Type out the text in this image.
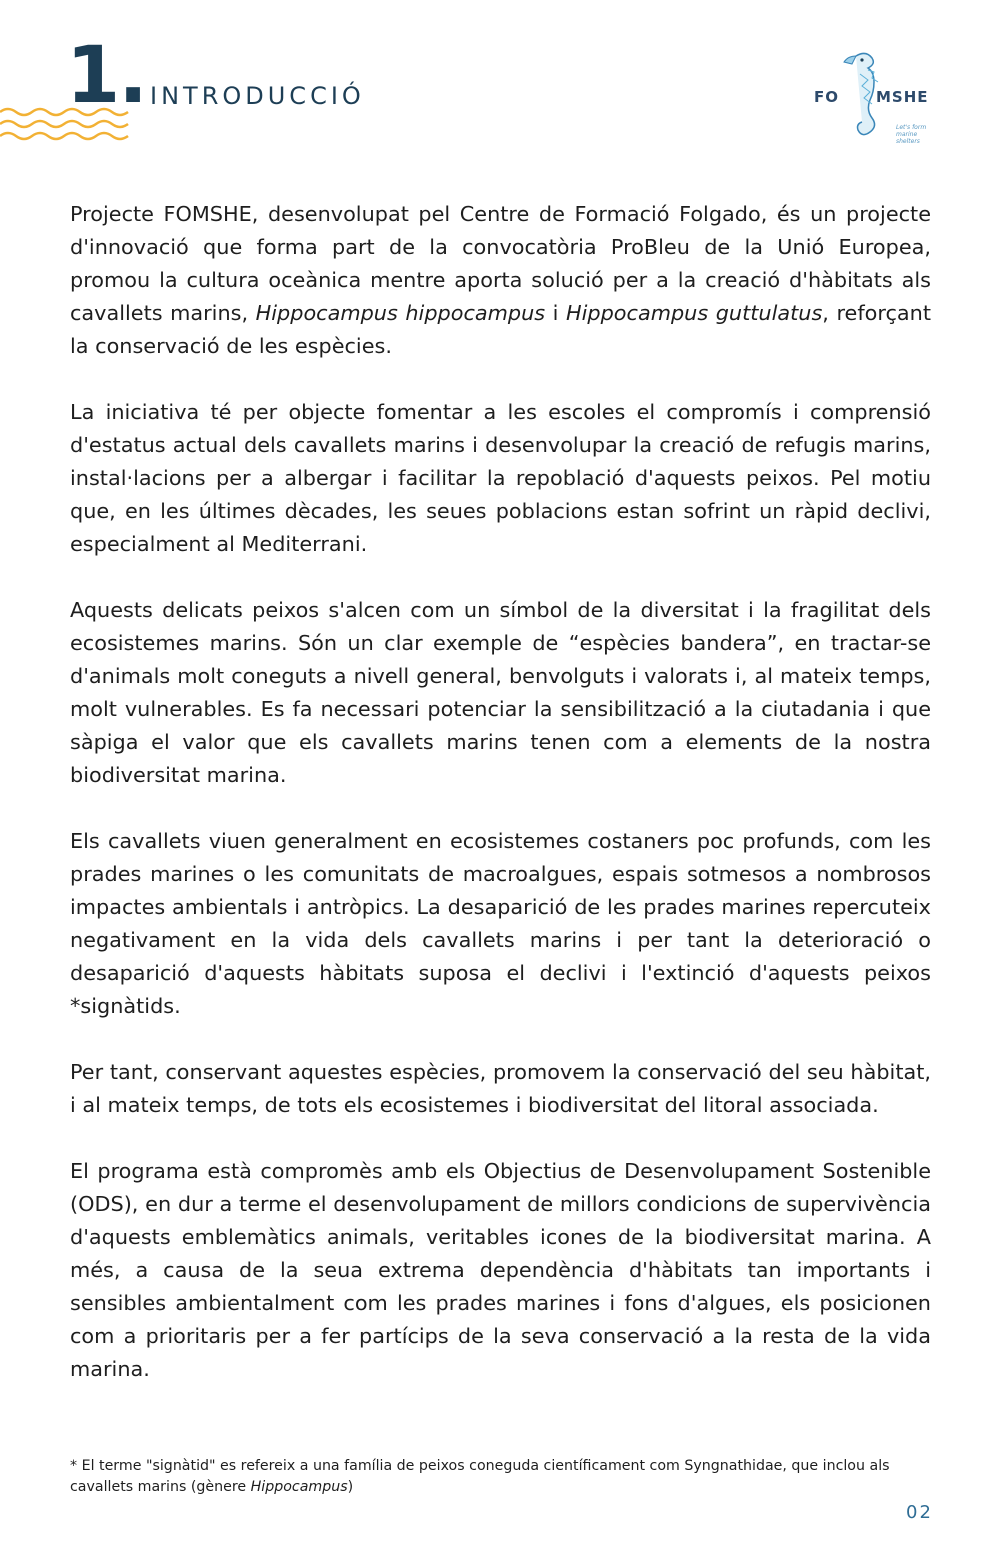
1. INTRODUCCIÓ	FO MSHE
Let's form
marine shelters

Projecte FOMSHE, desenvolupat pel Centre de Formació Folgado, és un projecte d'innovació que forma part de la convocatòria ProBleu de la Unió Europea, promou la cultura oceànica mentre aporta solució per a la creació d'hàbitats als cavallets marins, Hippocampus hippocampus i Hippocampus guttulatus, reforçant la conservació de les espècies.

La iniciativa té per objecte fomentar a les escoles el compromís i comprensió d'estatus actual dels cavallets marins i desenvolupar la creació de refugis marins, instal·lacions per a albergar i facilitar la repoblació d'aquests peixos. Pel motiu que, en les últimes dècades, les seues poblacions estan sofrint un ràpid declivi, especialment al Mediterrani.

Aquests delicats peixos s'alcen com un símbol de la diversitat i la fragilitat dels ecosistemes marins. Són un clar exemple de “espècies bandera”, en tractar-se d'animals molt coneguts a nivell general, benvolguts i valorats i, al mateix temps, molt vulnerables. Es fa necessari potenciar la sensibilització a la ciutadania i que sàpiga el valor que els cavallets marins tenen com a elements de la nostra biodiversitat marina.

Els cavallets viuen generalment en ecosistemes costaners poc profunds, com les prades marines o les comunitats de macroalgues, espais sotmesos a nombrosos impactes ambientals i antròpics. La desaparició de les prades marines repercuteix negativament en la vida dels cavallets marins i per tant la deterioració o desaparició d'aquests hàbitats suposa el declivi i l'extinció d'aquests peixos *signàtids.

Per tant, conservant aquestes espècies, promovem la conservació del seu hàbitat, i al mateix temps, de tots els ecosistemes i biodiversitat del litoral associada.

El programa està compromès amb els Objectius de Desenvolupament Sostenible (ODS), en dur a terme el desenvolupament de millors condicions de supervivència d'aquests emblemàtics animals, veritables icones de la biodiversitat marina. A més, a causa de la seua extrema dependència d'hàbitats tan importants i sensibles ambientalment com les prades marines i fons d'algues, els posicionen com a prioritaris per a fer partícips de la seva conservació a la resta de la vida marina.

* El terme "signàtid" es refereix a una família de peixos coneguda científicament com Syngnathidae, que inclou als cavallets marins (gènere Hippocampus)
02
